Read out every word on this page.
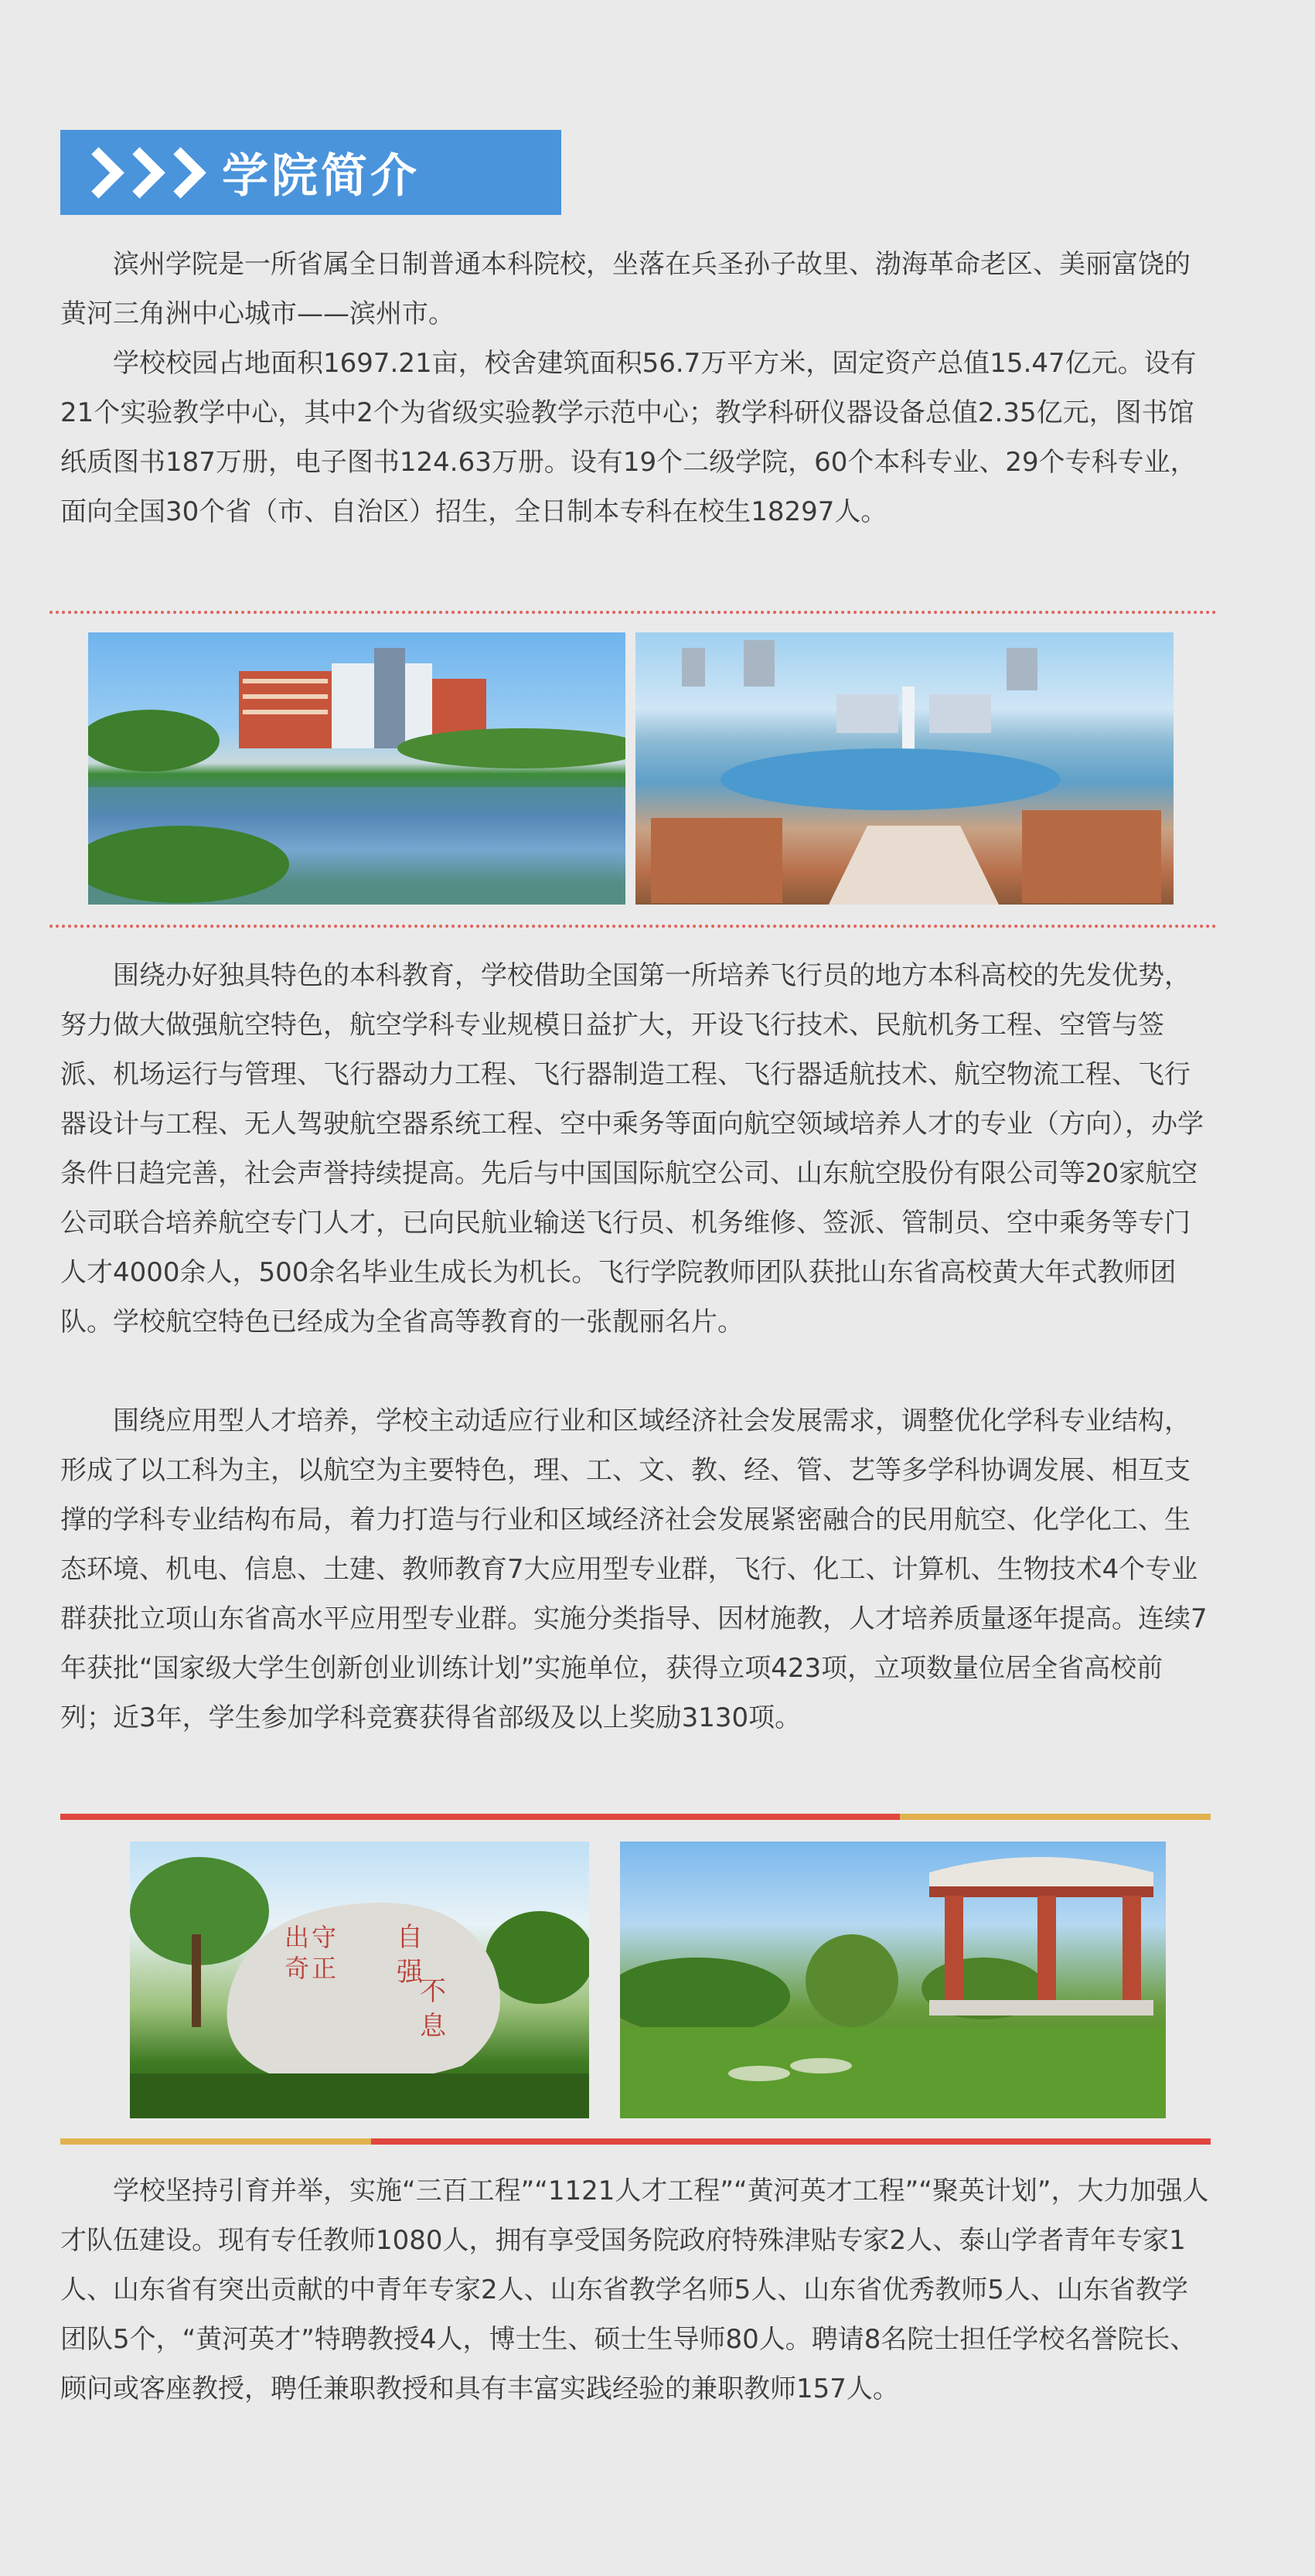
学院简介

滨州学院是一所省属全日制普通本科院校，坐落在兵圣孙子故里、渤海革命老区、美丽富饶的黄河三角洲中心城市——滨州市。

学校校园占地面积1697.21亩，校舍建筑面积56.7万平方米，固定资产总值15.47亿元。设有21个实验教学中心，其中2个为省级实验教学示范中心；教学科研仪器设备总值2.35亿元，图书馆纸质图书187万册，电子图书124.63万册。设有19个二级学院，60个本科专业、29个专科专业，面向全国30个省（市、自治区）招生，全日制本专科在校生18297人。

围绕办好独具特色的本科教育，学校借助全国第一所培养飞行员的地方本科高校的先发优势，努力做大做强航空特色，航空学科专业规模日益扩大，开设飞行技术、民航机务工程、空管与签派、机场运行与管理、飞行器动力工程、飞行器制造工程、飞行器适航技术、航空物流工程、飞行器设计与工程、无人驾驶航空器系统工程、空中乘务等面向航空领域培养人才的专业（方向），办学条件日趋完善，社会声誉持续提高。先后与中国国际航空公司、山东航空股份有限公司等20家航空公司联合培养航空专门人才，已向民航业输送飞行员、机务维修、签派、管制员、空中乘务等专门人才4000余人，500余名毕业生成长为机长。飞行学院教师团队获批山东省高校黄大年式教师团队。学校航空特色已经成为全省高等教育的一张靓丽名片。

围绕应用型人才培养，学校主动适应行业和区域经济社会发展需求，调整优化学科专业结构，形成了以工科为主，以航空为主要特色，理、工、文、教、经、管、艺等多学科协调发展、相互支撑的学科专业结构布局，着力打造与行业和区域经济社会发展紧密融合的民用航空、化学化工、生态环境、机电、信息、土建、教师教育7大应用型专业群，飞行、化工、计算机、生物技术4个专业群获批立项山东省高水平应用型专业群。实施分类指导、因材施教，人才培养质量逐年提高。连续7年获批“国家级大学生创新创业训练计划”实施单位，获得立项423项，立项数量位居全省高校前列；近3年，学生参加学科竞赛获得省部级及以上奖励3130项。

守
正
出
奇
自
强
不
息

学校坚持引育并举，实施“三百工程”“1121人才工程”“黄河英才工程”“聚英计划”，大力加强人才队伍建设。现有专任教师1080人，拥有享受国务院政府特殊津贴专家2人、泰山学者青年专家1人、山东省有突出贡献的中青年专家2人、山东省教学名师5人、山东省优秀教师5人、山东省教学团队5个，“黄河英才”特聘教授4人，博士生、硕士生导师80人。聘请8名院士担任学校名誉院长、顾问或客座教授，聘任兼职教授和具有丰富实践经验的兼职教师157人。
